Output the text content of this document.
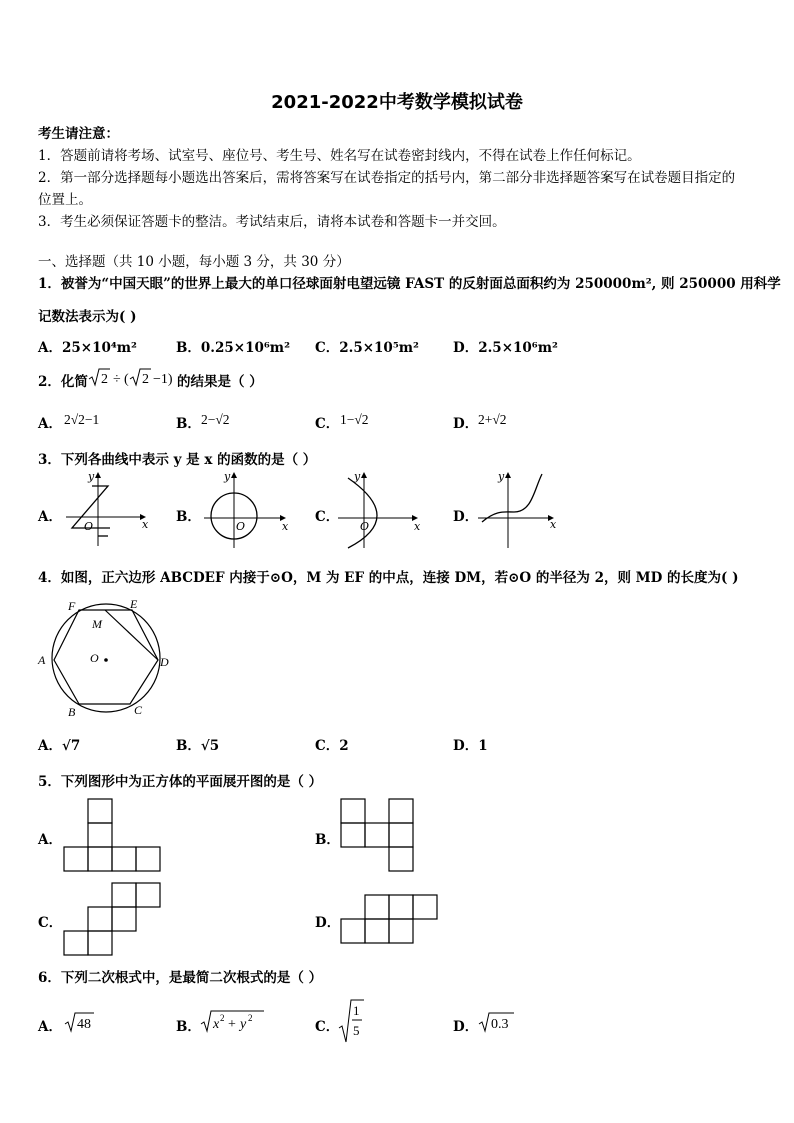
2021-2022中考数学模拟试卷
考生请注意：
1．答题前请将考场、试室号、座位号、考生号、姓名写在试卷密封线内，不得在试卷上作任何标记。
2．第一部分选择题每小题选出答案后，需将答案写在试卷指定的括号内，第二部分非选择题答案写在试卷题目指定的
位置上。
3．考生必须保证答题卡的整洁。考试结束后，请将本试卷和答题卡一并交回。
一、选择题（共 10 小题，每小题 3 分，共 30 分）
1．被誉为“中国天眼”的世界上最大的单口径球面射电望远镜 FAST 的反射面总面积约为 250000m², 则 250000 用科学
记数法表示为( )
A．25×10⁴m²	B．0.25×10⁶m² C．2.5×10⁵m²	D．2.5×10⁶m²
2．化简 2 ÷ ( 2 −1) 的结果是（ ）
A． 2√2−1	B． 2−√2	C． 1−√2	D． 2+√2
3．下列各曲线中表示 y 是 x 的函数的是（ ）
A．	x
y
O
B．
x
y
O
C．
x
y
O
D．	x
y
4．如图，正六边形 ABCDEF 内接于⊙O，M 为 EF 的中点，连接 DM，若⊙O 的半径为 2，则 MD 的长度为( )
A
B	C
D
E
F
M
O
A．√7	B．√5	C．2	D．1
5．下列图形中为正方体的平面展开图的是（ ）
A．	B．
C．	D．
6．下列二次根式中，是最简二次根式的是（ ）
A． 48	B． x 2 + y 2
C．
1
5	D． 0.3
